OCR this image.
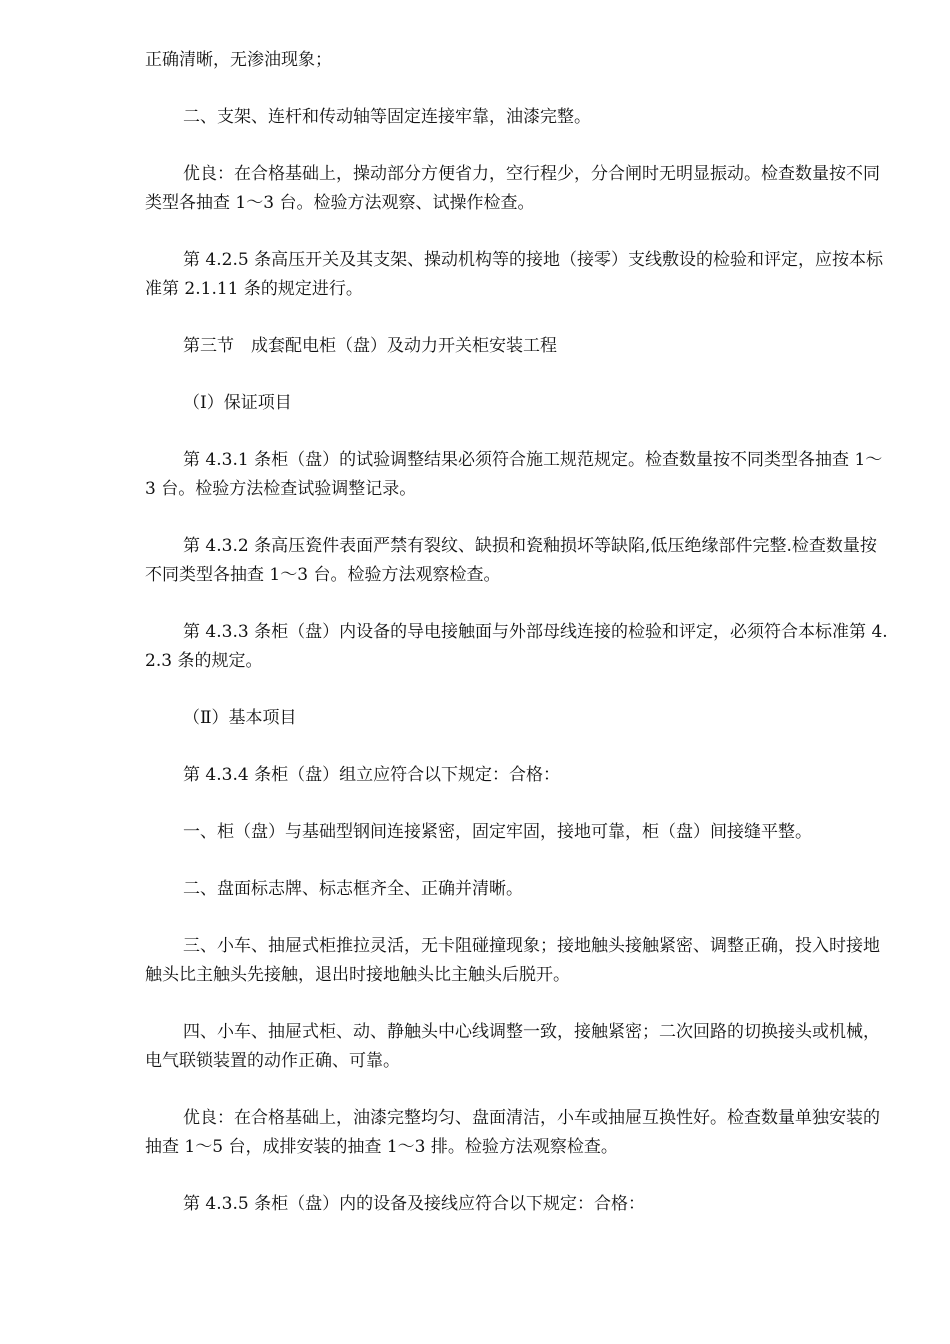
正确清晰，无渗油现象；

二、支架、连杆和传动轴等固定连接牢靠，油漆完整。

优良：在合格基础上，操动部分方便省力，空行程少，分合闸时无明显振动。检查数量按不同类型各抽查 1～3 台。检验方法观察、试操作检查。

第 4.2.5 条高压开关及其支架、操动机构等的接地（接零）支线敷设的检验和评定，应按本标准第 2.1.11 条的规定进行。

第三节　成套配电柜（盘）及动力开关柜安装工程

（Ⅰ）保证项目

第 4.3.1 条柜（盘）的试验调整结果必须符合施工规范规定。检查数量按不同类型各抽查 1～3 台。检验方法检查试验调整记录。

第 4.3.2 条高压瓷件表面严禁有裂纹、缺损和瓷釉损坏等缺陷,低压绝缘部件完整.检查数量按不同类型各抽查 1～3 台。检验方法观察检查。

第 4.3.3 条柜（盘）内设备的导电接触面与外部母线连接的检验和评定，必须符合本标准第 4.2.3 条的规定。

（Ⅱ）基本项目

第 4.3.4 条柜（盘）组立应符合以下规定：合格：

一、柜（盘）与基础型钢间连接紧密，固定牢固，接地可靠，柜（盘）间接缝平整。

二、盘面标志牌、标志框齐全、正确并清晰。

三、小车、抽屉式柜推拉灵活，无卡阻碰撞现象；接地触头接触紧密、调整正确，投入时接地触头比主触头先接触，退出时接地触头比主触头后脱开。

四、小车、抽屉式柜、动、静触头中心线调整一致，接触紧密；二次回路的切换接头或机械，电气联锁装置的动作正确、可靠。

优良：在合格基础上，油漆完整均匀、盘面清洁，小车或抽屉互换性好。检查数量单独安装的抽查 1～5 台，成排安装的抽查 1～3 排。检验方法观察检查。

第 4.3.5 条柜（盘）内的设备及接线应符合以下规定：合格：
